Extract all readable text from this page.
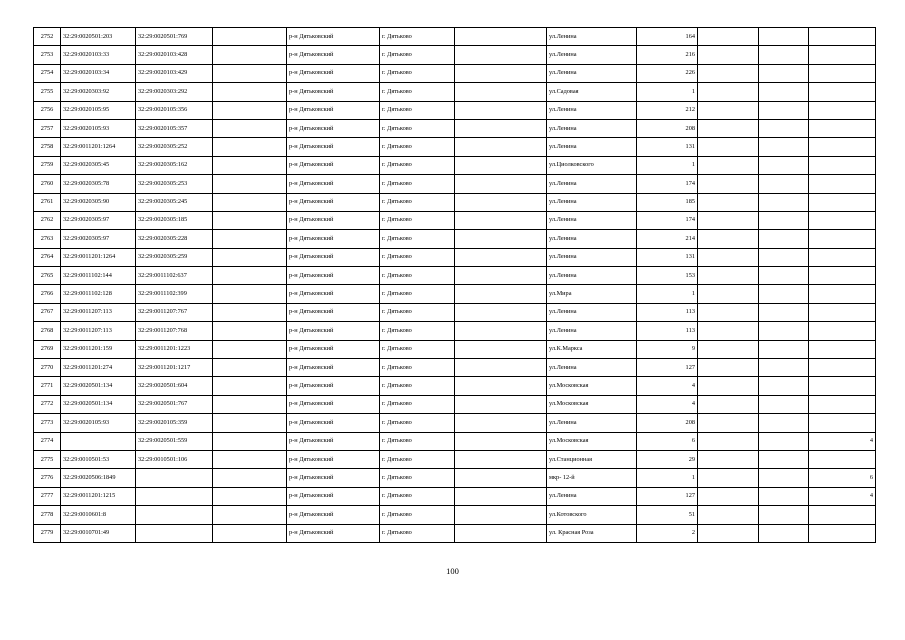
2752	32:29:0020501:203	32:29:0020501:769		р-н Дятьковский	г. Дятьково		ул.Ленина	164			
2753	32:29:0020103:33	32:29:0020103:428		р-н Дятьковский	г. Дятьково		ул.Ленина	216			
2754	32:29:0020103:34	32:29:0020103:429		р-н Дятьковский	г. Дятьково		ул.Ленина	226			
2755	32:29:0020303:92	32:29:0020303:292		р-н Дятьковский	г. Дятьково		ул.Садовая	1			
2756	32:29:0020105:95	32:29:0020105:356		р-н Дятьковский	г. Дятьково		ул.Ленина	212			
2757	32:29:0020105:93	32:29:0020105:357		р-н Дятьковский	г. Дятьково		ул.Ленина	208			
2758	32:29:0011201:1264	32:29:0020305:252		р-н Дятьковский	г. Дятьково		ул.Ленина	131			
2759	32:29:0020305:45	32:29:0020305:162		р-н Дятьковский	г. Дятьково		ул.Циолковского	1			
2760	32:29:0020305:78	32:29:0020305:253		р-н Дятьковский	г. Дятьково		ул.Ленина	174			
2761	32:29:0020305:90	32:29:0020305:245		р-н Дятьковский	г. Дятьково		ул.Ленина	185			
2762	32:29:0020305:97	32:29:0020305:185		р-н Дятьковский	г. Дятьково		ул.Ленина	174			
2763	32:29:0020305:97	32:29:0020305:228		р-н Дятьковский	г. Дятьково		ул.Ленина	214			
2764	32:29:0011201:1264	32:29:0020305:259		р-н Дятьковский	г. Дятьково		ул.Ленина	131			
2765	32:29:0011102:144	32:29:0011102:637		р-н Дятьковский	г. Дятьково		ул.Ленина	153			
2766	32:29:0011102:128	32:29:0011102:399		р-н Дятьковский	г. Дятьково		ул.Мира	1			
2767	32:29:0011207:113	32:29:0011207:767		р-н Дятьковский	г. Дятьково		ул.Ленина	113			
2768	32:29:0011207:113	32:29:0011207:768		р-н Дятьковский	г. Дятьково		ул.Ленина	113			
2769	32:29:0011201:159	32:29:0011201:1223		р-н Дятьковский	г. Дятьково		ул.К.Маркса	9			
2770	32:29:0011201:274	32:29:0011201:1217		р-н Дятьковский	г. Дятьково		ул.Ленина	127			
2771	32:29:0020501:134	32:29:0020501:604		р-н Дятьковский	г. Дятьково		ул.Московская	4			
2772	32:29:0020501:134	32:29:0020501:767		р-н Дятьковский	г. Дятьково		ул.Московская	4			
2773	32:29:0020105:93	32:29:0020105:359		р-н Дятьковский	г. Дятьково		ул.Ленина	208			
2774		32:29:0020501:559		р-н Дятьковский	г. Дятьково		ул.Московская	6			4
2775	32:29:0010501:53	32:29:0010501:106		р-н Дятьковский	г. Дятьково		ул.Станционная	29			
2776	32:29:0020506:1849			р-н Дятьковский	г. Дятьково		мкр- 12-й	1			6
2777	32:29:0011201:1215			р-н Дятьковский	г. Дятьково		ул.Ленина	127			4
2778	32:29:0010601:8			р-н Дятьковский	г. Дятьково		ул.Котовского	51			
2779	32:29:0010701:49			р-н Дятьковский	г. Дятьково		ул. Красная Роза	2			
100
